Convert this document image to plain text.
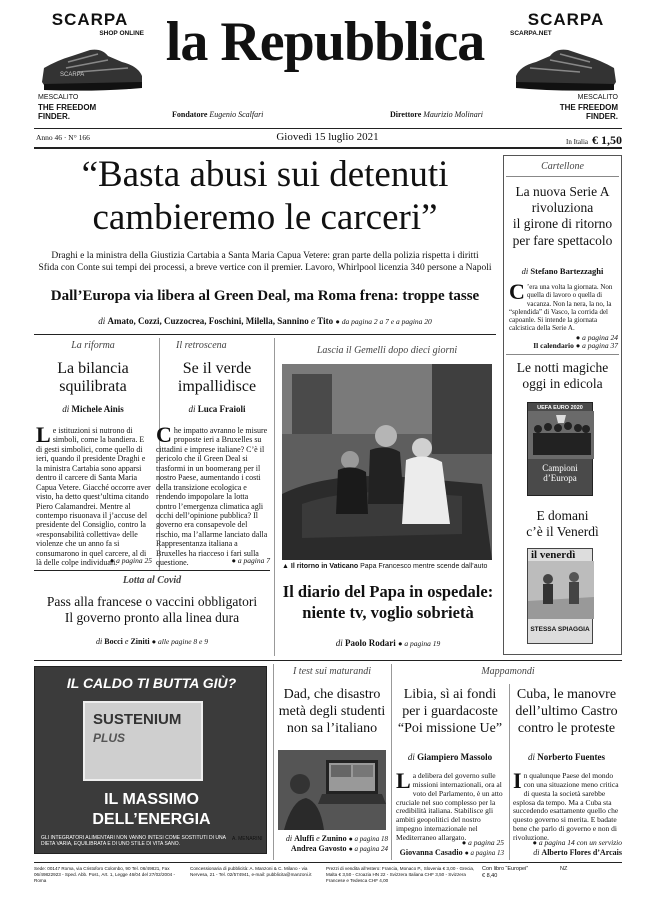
SCARPA
SHOP ONLINE
SCARPA
MESCALITO
THE FREEDOM
FINDER.
la Repubblica
Fondatore Eugenio Scalfari	Direttore Maurizio Molinari
SCARPA
SCARPA.NET
MESCALITO
THE FREEDOM
FINDER.
Anno 46 · N° 166	Giovedì 15 luglio 2021	In Italia € 1,50
“Basta abusi sui detenuti
cambieremo le carceri”
Draghi e la ministra della Giustizia Cartabia a Santa Maria Capua Vetere: gran parte della polizia rispetta i diritti
Sfida con Conte sui tempi dei processi, a breve vertice con il premier. Lavoro, Whirlpool licenzia 340 persone a Napoli
Dall’Europa via libera al Green Deal, ma Roma frena: troppe tasse
di Amato, Cozzi, Cuzzocrea, Foschini, Milella, Sannino e Tito ● da pagina 2 a 7 e a pagina 20
La riforma
La bilancia
squilibrata
di Michele Ainis
Le istituzioni si nutrono di simboli, come la bandiera. E di gesti simbolici, come quello di ieri, quando il presidente Draghi e la ministra Cartabia sono apparsi dentro il carcere di Santa Maria Capua Vetere. Giacché occorre aver visto, ha detto quest’ultima citando Piero Calamandrei. Mentre al contempo risuonava il j’accuse del presidente del Consiglio, contro la «responsabilità collettiva» delle violenze che un anno fa si consumarono in quel carcere, al di là delle colpe individuali.
● a pagina 25
Il retroscena
Se il verde
impallidisce
di Luca Fraioli
Che impatto avranno le misure proposte ieri a Bruxelles su cittadini e imprese italiane? C’è il pericolo che il Green Deal si trasformi in un boomerang per il nostro Paese, aumentando i costi della transizione ecologica e rendendo impopolare la lotta contro l’emergenza climatica agli occhi dell’opinione pubblica? Il governo era consapevole del rischio, ma l’allarme lanciato dalla Rappresentanza italiana a Bruxelles ha riacceso i fari sulla questione.	● a pagina 7
Lotta al Covid
Pass alla francese o vaccini obbligatori
Il governo pronto alla linea dura
di Bocci e Ziniti ● alle pagine 8 e 9
Lascia il Gemelli dopo dieci giorni
▲ Il ritorno in Vaticano Papa Francesco mentre scende dall’auto
Il diario del Papa in ospedale:
niente tv, voglio sobrietà
di Paolo Rodari ● a pagina 19
Cartellone
La nuova Serie A
rivoluziona
il girone di ritorno
per fare spettacolo
di Stefano Bartezzaghi
C ’era una volta la giornata. Non quella di lavoro o quella di vacanza. Non la nera, la no, la “splendida” di Vasco, la corrida del capoanle. Si intende la giornata calcistica della Serie A.
● a pagina 24
Il calendario ● a pagina 37
Le notti magiche
oggi in edicola
UEFA EURO 2020
Campioni
d’Europa
E domani
c’è il Venerdì
il venerdì
STESSA SPIAGGIA
IL CALDO TI BUTTA GIÙ?
SUSTENIUM
PLUS
IL MASSIMO
DELL’ENERGIA
GLI INTEGRATORI ALIMENTARI NON VANNO INTESI COME SOSTITUTI DI UNA DIETA VARIA, EQUILIBRATA E DI UNO STILE DI VITA SANO.
A. MENARINI
I test sui maturandi
Dad, che disastro
metà degli studenti
non sa l’italiano
di Aluffi e Zunino ● a pagina 18
Andrea Gavosto ● a pagina 24
Mappamondi
Libia, sì ai fondi
per i guardacoste
“Poi missione Ue”
di Giampiero Massolo
La delibera del governo sulle missioni internazionali, ora al voto del Parlamento, è un atto cruciale nel suo complesso per la credibilità italiana. Stabilisce gli ambiti geopolitici del nostro impegno internazionale nel Mediterraneo allargato.
● a pagina 25
Giovanna Casadio ● a pagina 13
Cuba, le manovre
dell’ultimo Castro
contro le proteste
di Norberto Fuentes
In qualunque Paese del mondo con una situazione meno critica di questa la società sarebbe esplosa da tempo. Ma a Cuba sta succedendo esattamente quello che questo governo si merita. E badate bene che parlo di governo e non di rivoluzione.
● a pagina 14 con un servizio
di Alberto Flores d’Arcais
Sede: 00147 Roma, via Cristoforo Colombo, 90 Tel. 06/49821, Fax 06/49822923 - Sped. Abb. Post., Art. 1, Legge 46/04 del 27/02/2004 - Roma
Concessionaria di pubblicità: A. Manzoni & C. Milano - via Nervesa, 21 - Tel. 02/574941, e-mail: pubblicita@manzoni.it
Prezzi di vendita all’estero: Francia, Monaco P., Slovenia € 3,00 - Grecia, Malta € 3,50 - Croazia HN 22 - Svizzera Italiana CHF 3,50 - Svizzera Francese e Tedesca CHF 4,00
Con libro “Europei”
€ 8,40
NZ
